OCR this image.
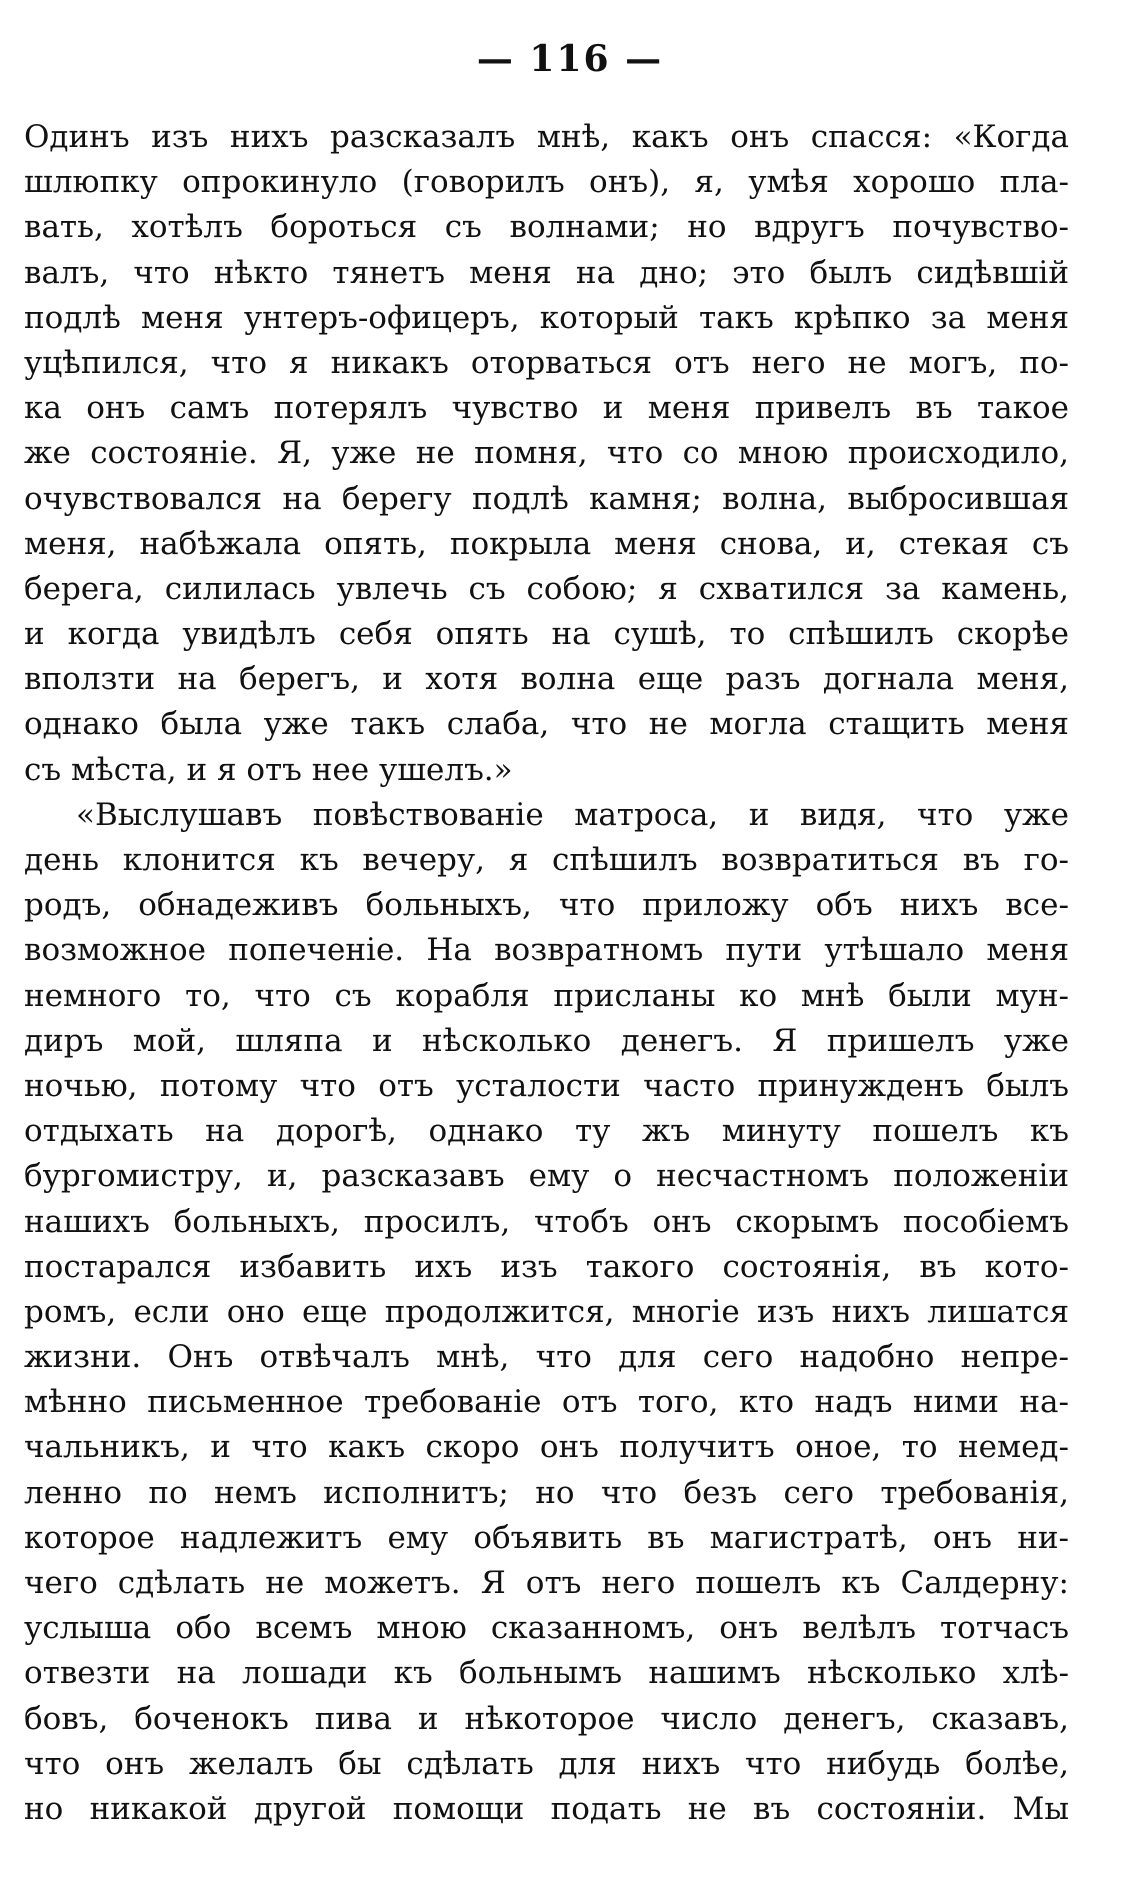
— 116 —
Одинъ изъ нихъ разсказалъ мнѣ, какъ онъ спасся: «Когда
шлюпку опрокинуло (говорилъ онъ), я, умѣя хорошо пла-
вать, хотѣлъ бороться съ волнами; но вдругъ почувство-
валъ, что нѣкто тянетъ меня на дно; это былъ сидѣвшій
подлѣ меня унтеръ-офицеръ, который такъ крѣпко за меня
уцѣпился, что я никакъ оторваться отъ него не могъ, по-
ка онъ самъ потерялъ чувство и меня привелъ въ такое
же состояніе. Я, уже не помня, что со мною происходило,
очувствовался на берегу подлѣ камня; волна, выбросившая
меня, набѣжала опять, покрыла меня снова, и, стекая съ
берега, силилась увлечь съ собою; я схватился за камень,
и когда увидѣлъ себя опять на сушѣ, то спѣшилъ скорѣе
вползти на берегъ, и хотя волна еще разъ догнала меня,
однако была уже такъ слаба, что не могла стащить меня
съ мѣста, и я отъ нее ушелъ.»
«Выслушавъ повѣствованіе матроса, и видя, что уже
день клонится къ вечеру, я спѣшилъ возвратиться въ го-
родъ, обнадеживъ больныхъ, что приложу объ нихъ все-
возможное попеченіе. На возвратномъ пути утѣшало меня
немного то, что съ корабля присланы ко мнѣ были мун-
диръ мой, шляпа и нѣсколько денегъ. Я пришелъ уже
ночью, потому что отъ усталости часто принужденъ былъ
отдыхать на дорогѣ, однако ту жъ минуту пошелъ къ
бургомистру, и, разсказавъ ему о несчастномъ положеніи
нашихъ больныхъ, просилъ, чтобъ онъ скорымъ пособіемъ
постарался избавить ихъ изъ такого состоянія, въ кото-
ромъ, если оно еще продолжится, многіе изъ нихъ лишатся
жизни. Онъ отвѣчалъ мнѣ, что для сего надобно непре-
мѣнно письменное требованіе отъ того, кто надъ ними на-
чальникъ, и что какъ скоро онъ получитъ оное, то немед-
ленно по немъ исполнитъ; но что безъ сего требованія,
которое надлежитъ ему объявить въ магистратѣ, онъ ни-
чего сдѣлать не можетъ. Я отъ него пошелъ къ Салдерну:
услыша обо всемъ мною сказанномъ, онъ велѣлъ тотчасъ
отвезти на лошади къ больнымъ нашимъ нѣсколько хлѣ-
бовъ, боченокъ пива и нѣкоторое число денегъ, сказавъ,
что онъ желалъ бы сдѣлать для нихъ что нибудь болѣе,
но никакой другой помощи подать не въ состояніи. Мы
